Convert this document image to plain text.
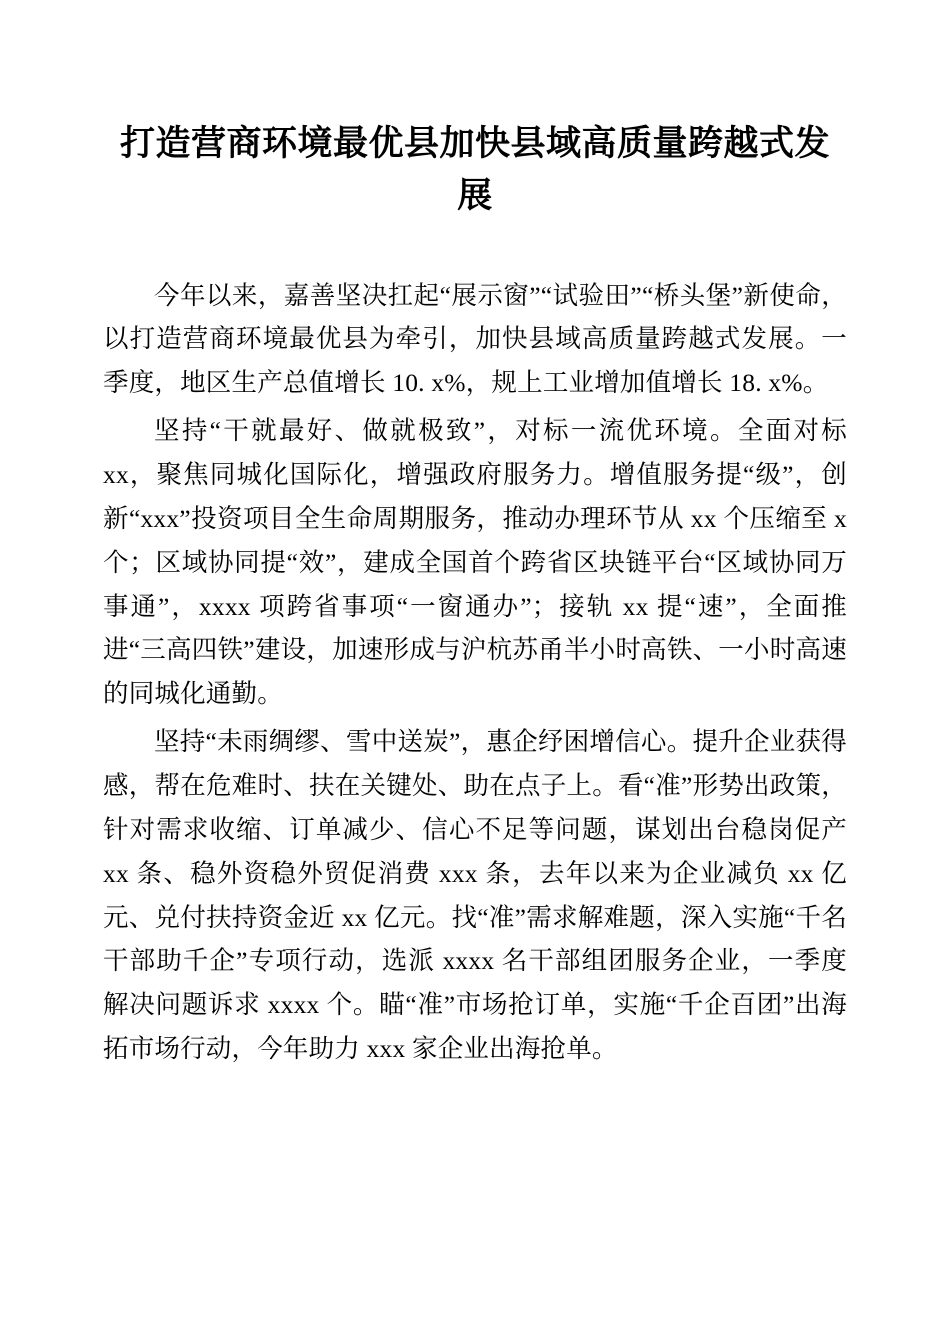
打造营商环境最优县加快县域高质量跨越式发展

今年以来，嘉善坚决扛起“展示窗”“试验田”“桥头堡”新使命，以打造营商环境最优县为牵引，加快县域高质量跨越式发展。一季度，地区生产总值增长 10. x%，规上工业增加值增长 18. x%。

坚持“干就最好、做就极致”，对标一流优环境。全面对标 xx，聚焦同城化国际化，增强政府服务力。增值服务提“级”，创新“xxx”投资项目全生命周期服务，推动办理环节从 xx 个压缩至 x 个；区域协同提“效”，建成全国首个跨省区块链平台“区域协同万事通”，xxxx 项跨省事项“一窗通办”；接轨 xx 提“速”，全面推进“三高四铁”建设，加速形成与沪杭苏甬半小时高铁、一小时高速的同城化通勤。

坚持“未雨绸缪、雪中送炭”，惠企纾困增信心。提升企业获得感，帮在危难时、扶在关键处、助在点子上。看“准”形势出政策，针对需求收缩、订单减少、信心不足等问题，谋划出台稳岗促产 xx 条、稳外资稳外贸促消费 xxx 条，去年以来为企业减负 xx 亿元、兑付扶持资金近 xx 亿元。找“准”需求解难题，深入实施“千名干部助千企”专项行动，选派 xxxx 名干部组团服务企业，一季度解决问题诉求 xxxx 个。瞄“准”市场抢订单，实施“千企百团”出海拓市场行动，今年助力 xxx 家企业出海抢单。
